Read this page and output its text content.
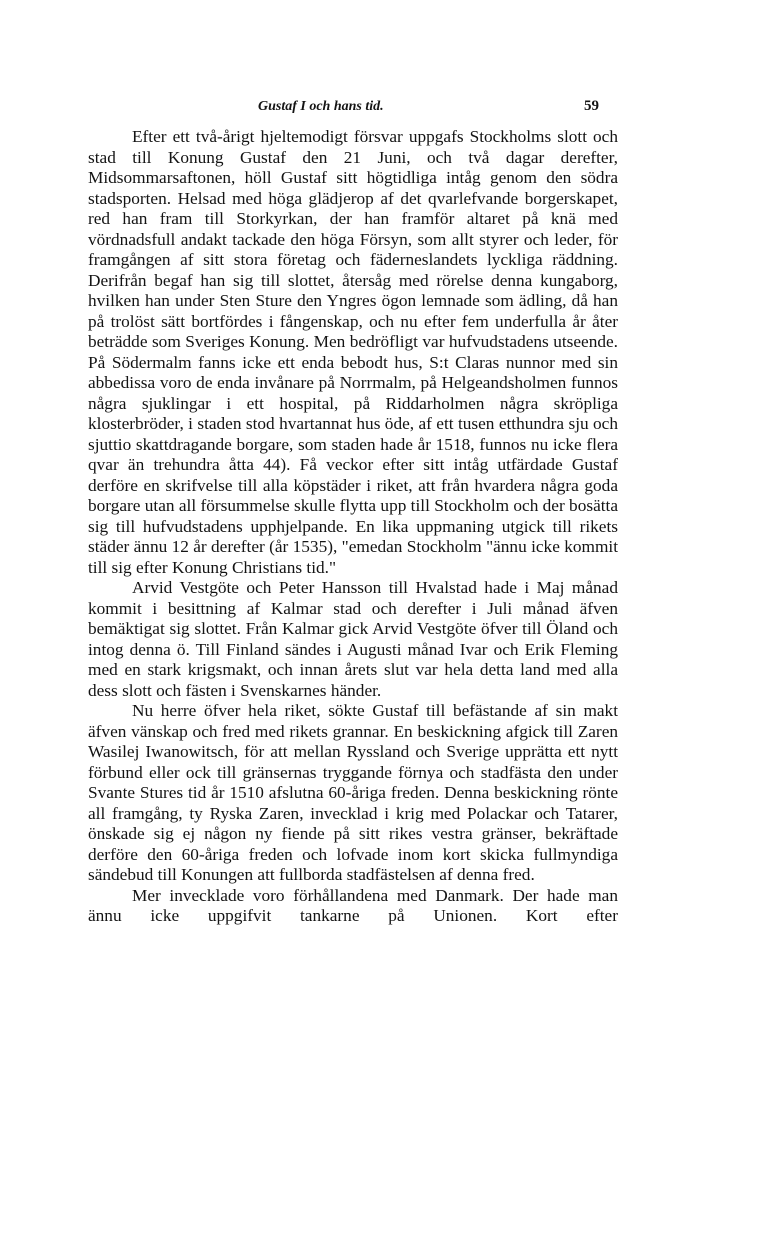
Gustaf I och hans tid.	59

Efter ett två-årigt hjeltemodigt försvar uppgafs Stockholms slott och stad till Konung Gustaf den 21 Juni, och två dagar derefter, Midsommarsaftonen, höll Gustaf sitt högtidliga intåg genom den södra stadsporten. Helsad med höga glädjerop af det qvarlefvande borgerskapet, red han fram till Storkyrkan, der han framför altaret på knä med vördnadsfull andakt tackade den höga Försyn, som allt styrer och leder, för framgången af sitt stora företag och fäderneslandets lyckliga räddning. Derifrån begaf han sig till slottet, återsåg med rörelse denna kungaborg, hvilken han under Sten Sture den Yngres ögon lemnade som ädling, då han på trolöst sätt bortfördes i fångenskap, och nu efter fem underfulla år åter beträdde som Sveriges Konung. Men bedröfligt var hufvudstadens utseende. På Södermalm fanns icke ett enda bebodt hus, S:t Claras nunnor med sin abbedissa voro de enda invånare på Norrmalm, på Helgeandsholmen funnos några sjuklingar i ett hospital, på Riddarholmen några skröpliga klosterbröder, i staden stod hvartannat hus öde, af ett tusen etthundra sju och sjuttio skattdragande borgare, som staden hade år 1518, funnos nu icke flera qvar än trehundra åtta 44). Få veckor efter sitt intåg utfärdade Gustaf derföre en skrifvelse till alla köpstäder i riket, att från hvardera några goda borgare utan all försummelse skulle flytta upp till Stockholm och der bosätta sig till hufvudstadens upphjelpande. En lika uppmaning utgick till rikets städer ännu 12 år derefter (år 1535), "emedan Stockholm "ännu icke kommit till sig efter Konung Christians tid."

Arvid Vestgöte och Peter Hansson till Hvalstad hade i Maj månad kommit i besittning af Kalmar stad och derefter i Juli månad äfven bemäktigat sig slottet. Från Kalmar gick Arvid Vestgöte öfver till Öland och intog denna ö. Till Finland sändes i Augusti månad Ivar och Erik Fleming med en stark krigsmakt, och innan årets slut var hela detta land med alla dess slott och fästen i Svenskarnes händer.

Nu herre öfver hela riket, sökte Gustaf till befästande af sin makt äfven vänskap och fred med rikets grannar. En beskickning afgick till Zaren Wasilej Iwanowitsch, för att mellan Ryssland och Sverige upprätta ett nytt förbund eller ock till gränsernas tryggande förnya och stadfästa den under Svante Stures tid år 1510 afslutna 60-åriga freden. Denna beskickning rönte all framgång, ty Ryska Zaren, invecklad i krig med Polackar och Tatarer, önskade sig ej någon ny fiende på sitt rikes vestra gränser, bekräftade derföre den 60-åriga freden och lofvade inom kort skicka fullmyndiga sändebud till Konungen att fullborda stadfästelsen af denna fred.

Mer invecklade voro förhållandena med Danmark. Der hade man ännu icke uppgifvit tankarne på Unionen. Kort efter
